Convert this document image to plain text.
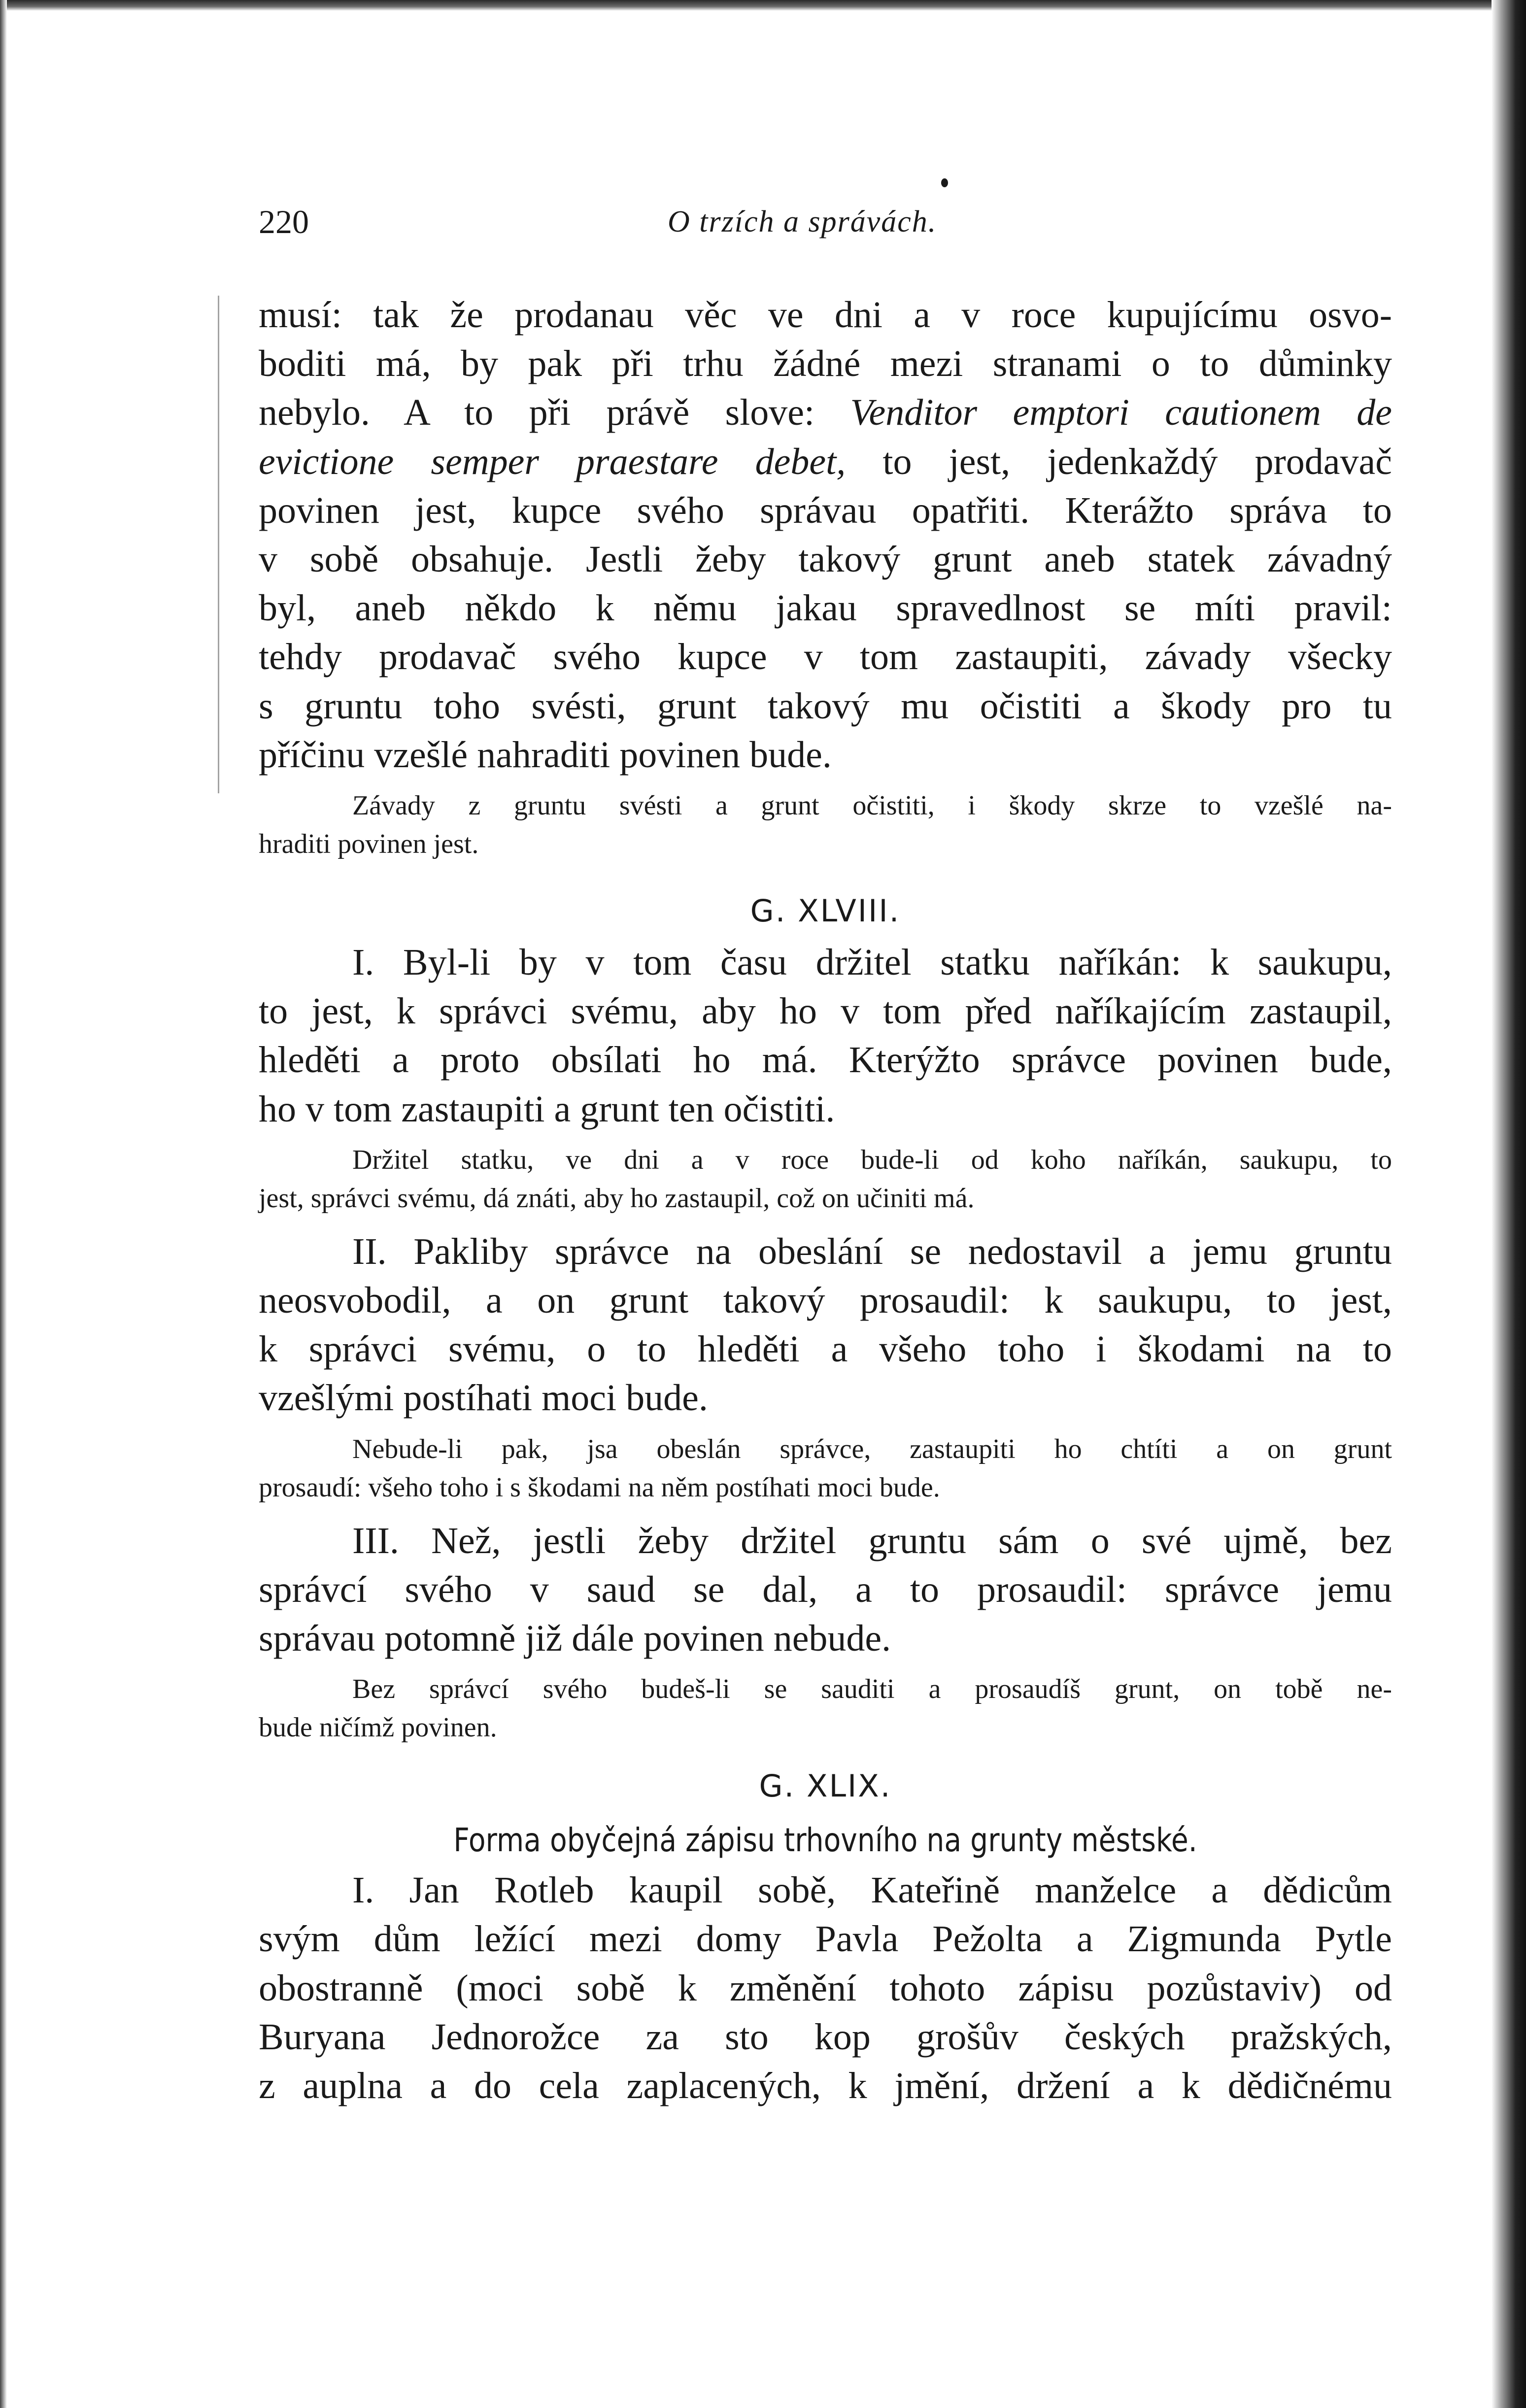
220	O trzích a správách.

musí: tak že prodanau věc ve dni a v roce kupujícímu osvo-
boditi má, by pak při trhu žádné mezi stranami o to důminky
nebylo. A to při právě slove: Venditor emptori cautionem de
evictione semper praestare debet, to jest, jedenkaždý prodavač
povinen jest, kupce svého správau opatřiti. Kterážto správa to
v sobě obsahuje. Jestli žeby takový grunt aneb statek závadný
byl, aneb někdo k němu jakau spravedlnost se míti pravil:
tehdy prodavač svého kupce v tom zastaupiti, závady všecky
s gruntu toho svésti, grunt takový mu očistiti a škody pro tu
příčinu vzešlé nahraditi povinen bude.

Závady z gruntu svésti a grunt očistiti, i škody skrze to vzešlé na-
hraditi povinen jest.

G. XLVIII.

I. Byl-li by v tom času držitel statku naříkán: k saukupu,
to jest, k správci svému, aby ho v tom před naříkajícím zastaupil,
hleděti a proto obsílati ho má. Kterýžto správce povinen bude,
ho v tom zastaupiti a grunt ten očistiti.

Držitel statku, ve dni a v roce bude-li od koho naříkán, saukupu, to
jest, správci svému, dá znáti, aby ho zastaupil, což on učiniti má.

II. Pakliby správce na obeslání se nedostavil a jemu gruntu
neosvobodil, a on grunt takový prosaudil: k saukupu, to jest,
k správci svému, o to hleděti a všeho toho i škodami na to
vzešlými postíhati moci bude.

Nebude-li pak, jsa obeslán správce, zastaupiti ho chtíti a on grunt
prosaudí: všeho toho i s škodami na něm postíhati moci bude.

III. Než, jestli žeby držitel gruntu sám o své ujmě, bez
správcí svého v saud se dal, a to prosaudil: správce jemu
správau potomně již dále povinen nebude.

Bez správcí svého budeš-li se sauditi a prosaudíš grunt, on tobě ne-
bude ničímž povinen.

G. XLIX.

Forma obyčejná zápisu trhovního na grunty městské.

I. Jan Rotleb kaupil sobě, Kateřině manželce a dědicům
svým dům ležící mezi domy Pavla Pežolta a Zigmunda Pytle
obostranně (moci sobě k změnění tohoto zápisu pozůstaviv) od
Buryana Jednorožce za sto kop grošův českých pražských,
z auplna a do cela zaplacených, k jmění, držení a k dědičnému
